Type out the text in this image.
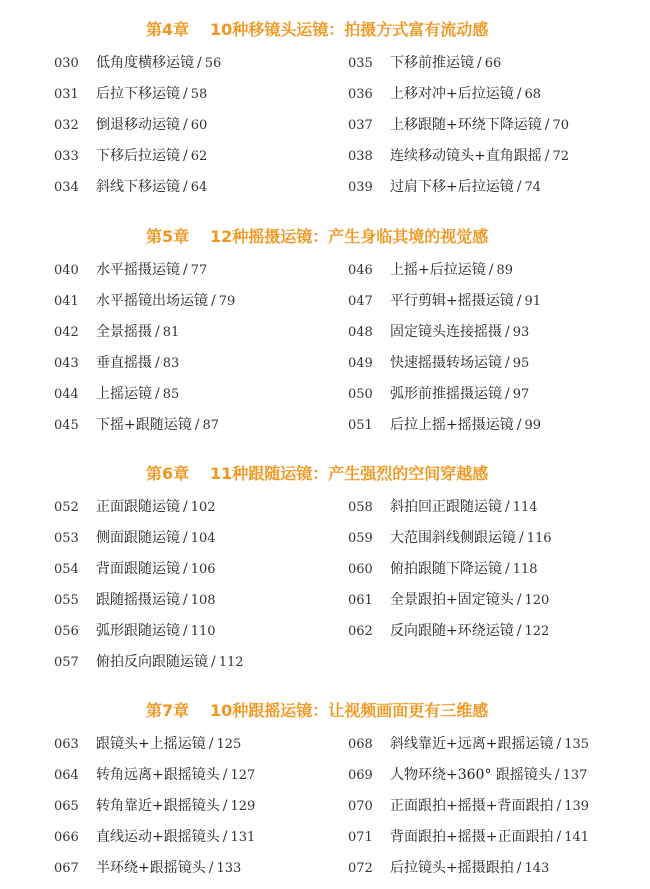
第4章 10种移镜头运镜：拍摄方式富有流动感
030 低角度横移运镜 / 56
031 后拉下移运镜 / 58
032 倒退移动运镜 / 60
033 下移后拉运镜 / 62
034 斜线下移运镜 / 64
035 下移前推运镜 / 66
036 上移对冲+后拉运镜 / 68
037 上移跟随+环绕下降运镜 / 70
038 连续移动镜头+直角跟摇 / 72
039 过肩下移+后拉运镜 / 74
第5章 12种摇摄运镜：产生身临其境的视觉感
040 水平摇摄运镜 / 77
041 水平摇镜出场运镜 / 79
042 全景摇摄 / 81
043 垂直摇摄 / 83
044 上摇运镜 / 85
045 下摇+跟随运镜 / 87
046 上摇+后拉运镜 / 89
047 平行剪辑+摇摄运镜 / 91
048 固定镜头连接摇摄 / 93
049 快速摇摄转场运镜 / 95
050 弧形前推摇摄运镜 / 97
051 后拉上摇+摇摄运镜 / 99
第6章 11种跟随运镜：产生强烈的空间穿越感
052 正面跟随运镜 / 102
053 侧面跟随运镜 / 104
054 背面跟随运镜 / 106
055 跟随摇摄运镜 / 108
056 弧形跟随运镜 / 110
057 俯拍反向跟随运镜 / 112
058 斜拍回正跟随运镜 / 114
059 大范围斜线侧跟运镜 / 116
060 俯拍跟随下降运镜 / 118
061 全景跟拍+固定镜头 / 120
062 反向跟随+环绕运镜 / 122
第7章 10种跟摇运镜：让视频画面更有三维感
063 跟镜头+上摇运镜 / 125
064 转角远离+跟摇镜头 / 127
065 转角靠近+跟摇镜头 / 129
066 直线运动+跟摇镜头 / 131
067 半环绕+跟摇镜头 / 133
068 斜线靠近+远离+跟摇运镜 / 135
069 人物环绕+360° 跟摇镜头 / 137
070 正面跟拍+摇摄+背面跟拍 / 139
071 背面跟拍+摇摄+正面跟拍 / 141
072 后拉镜头+摇摄跟拍 / 143
